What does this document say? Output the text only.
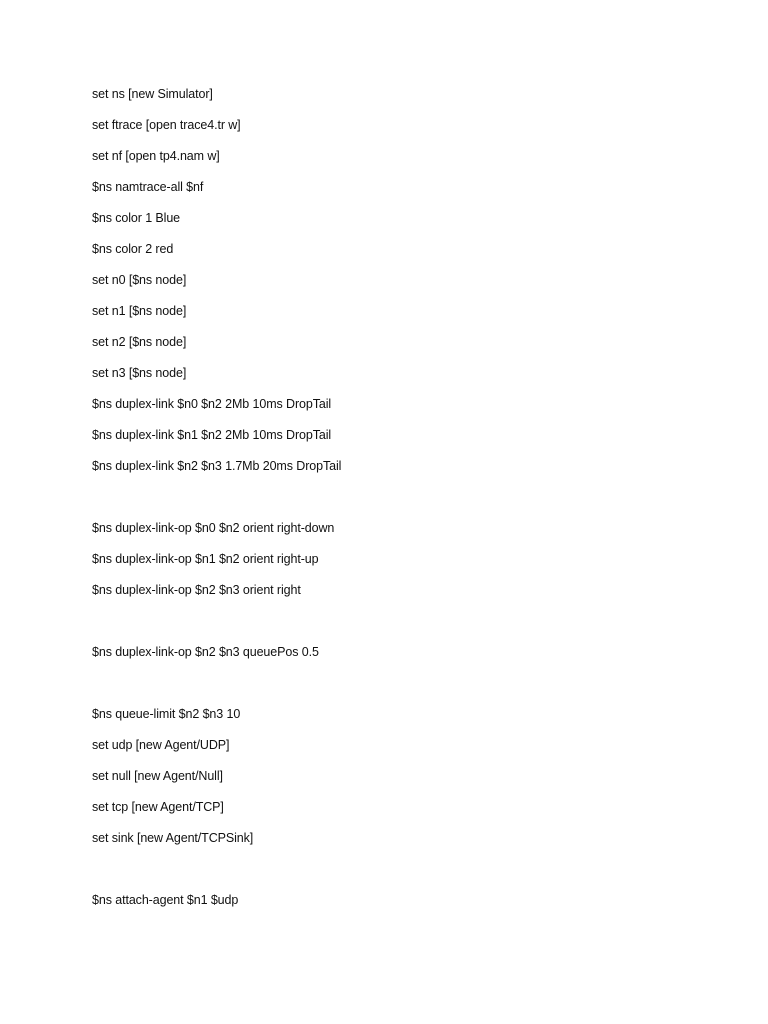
set ns [new Simulator]

set ftrace [open trace4.tr w]

set nf [open tp4.nam w]

$ns namtrace-all $nf

$ns color 1 Blue

$ns color 2 red

set n0 [$ns node]

set n1 [$ns node]

set n2 [$ns node]

set n3 [$ns node]

$ns duplex-link $n0 $n2 2Mb 10ms DropTail

$ns duplex-link $n1 $n2 2Mb 10ms DropTail

$ns duplex-link $n2 $n3 1.7Mb 20ms DropTail

$ns duplex-link-op $n0 $n2 orient right-down

$ns duplex-link-op $n1 $n2 orient right-up

$ns duplex-link-op $n2 $n3 orient right

$ns duplex-link-op $n2 $n3 queuePos 0.5

$ns queue-limit $n2 $n3 10

set udp [new Agent/UDP]

set null [new Agent/Null]

set tcp [new Agent/TCP]

set sink [new Agent/TCPSink]

$ns attach-agent $n1 $udp
